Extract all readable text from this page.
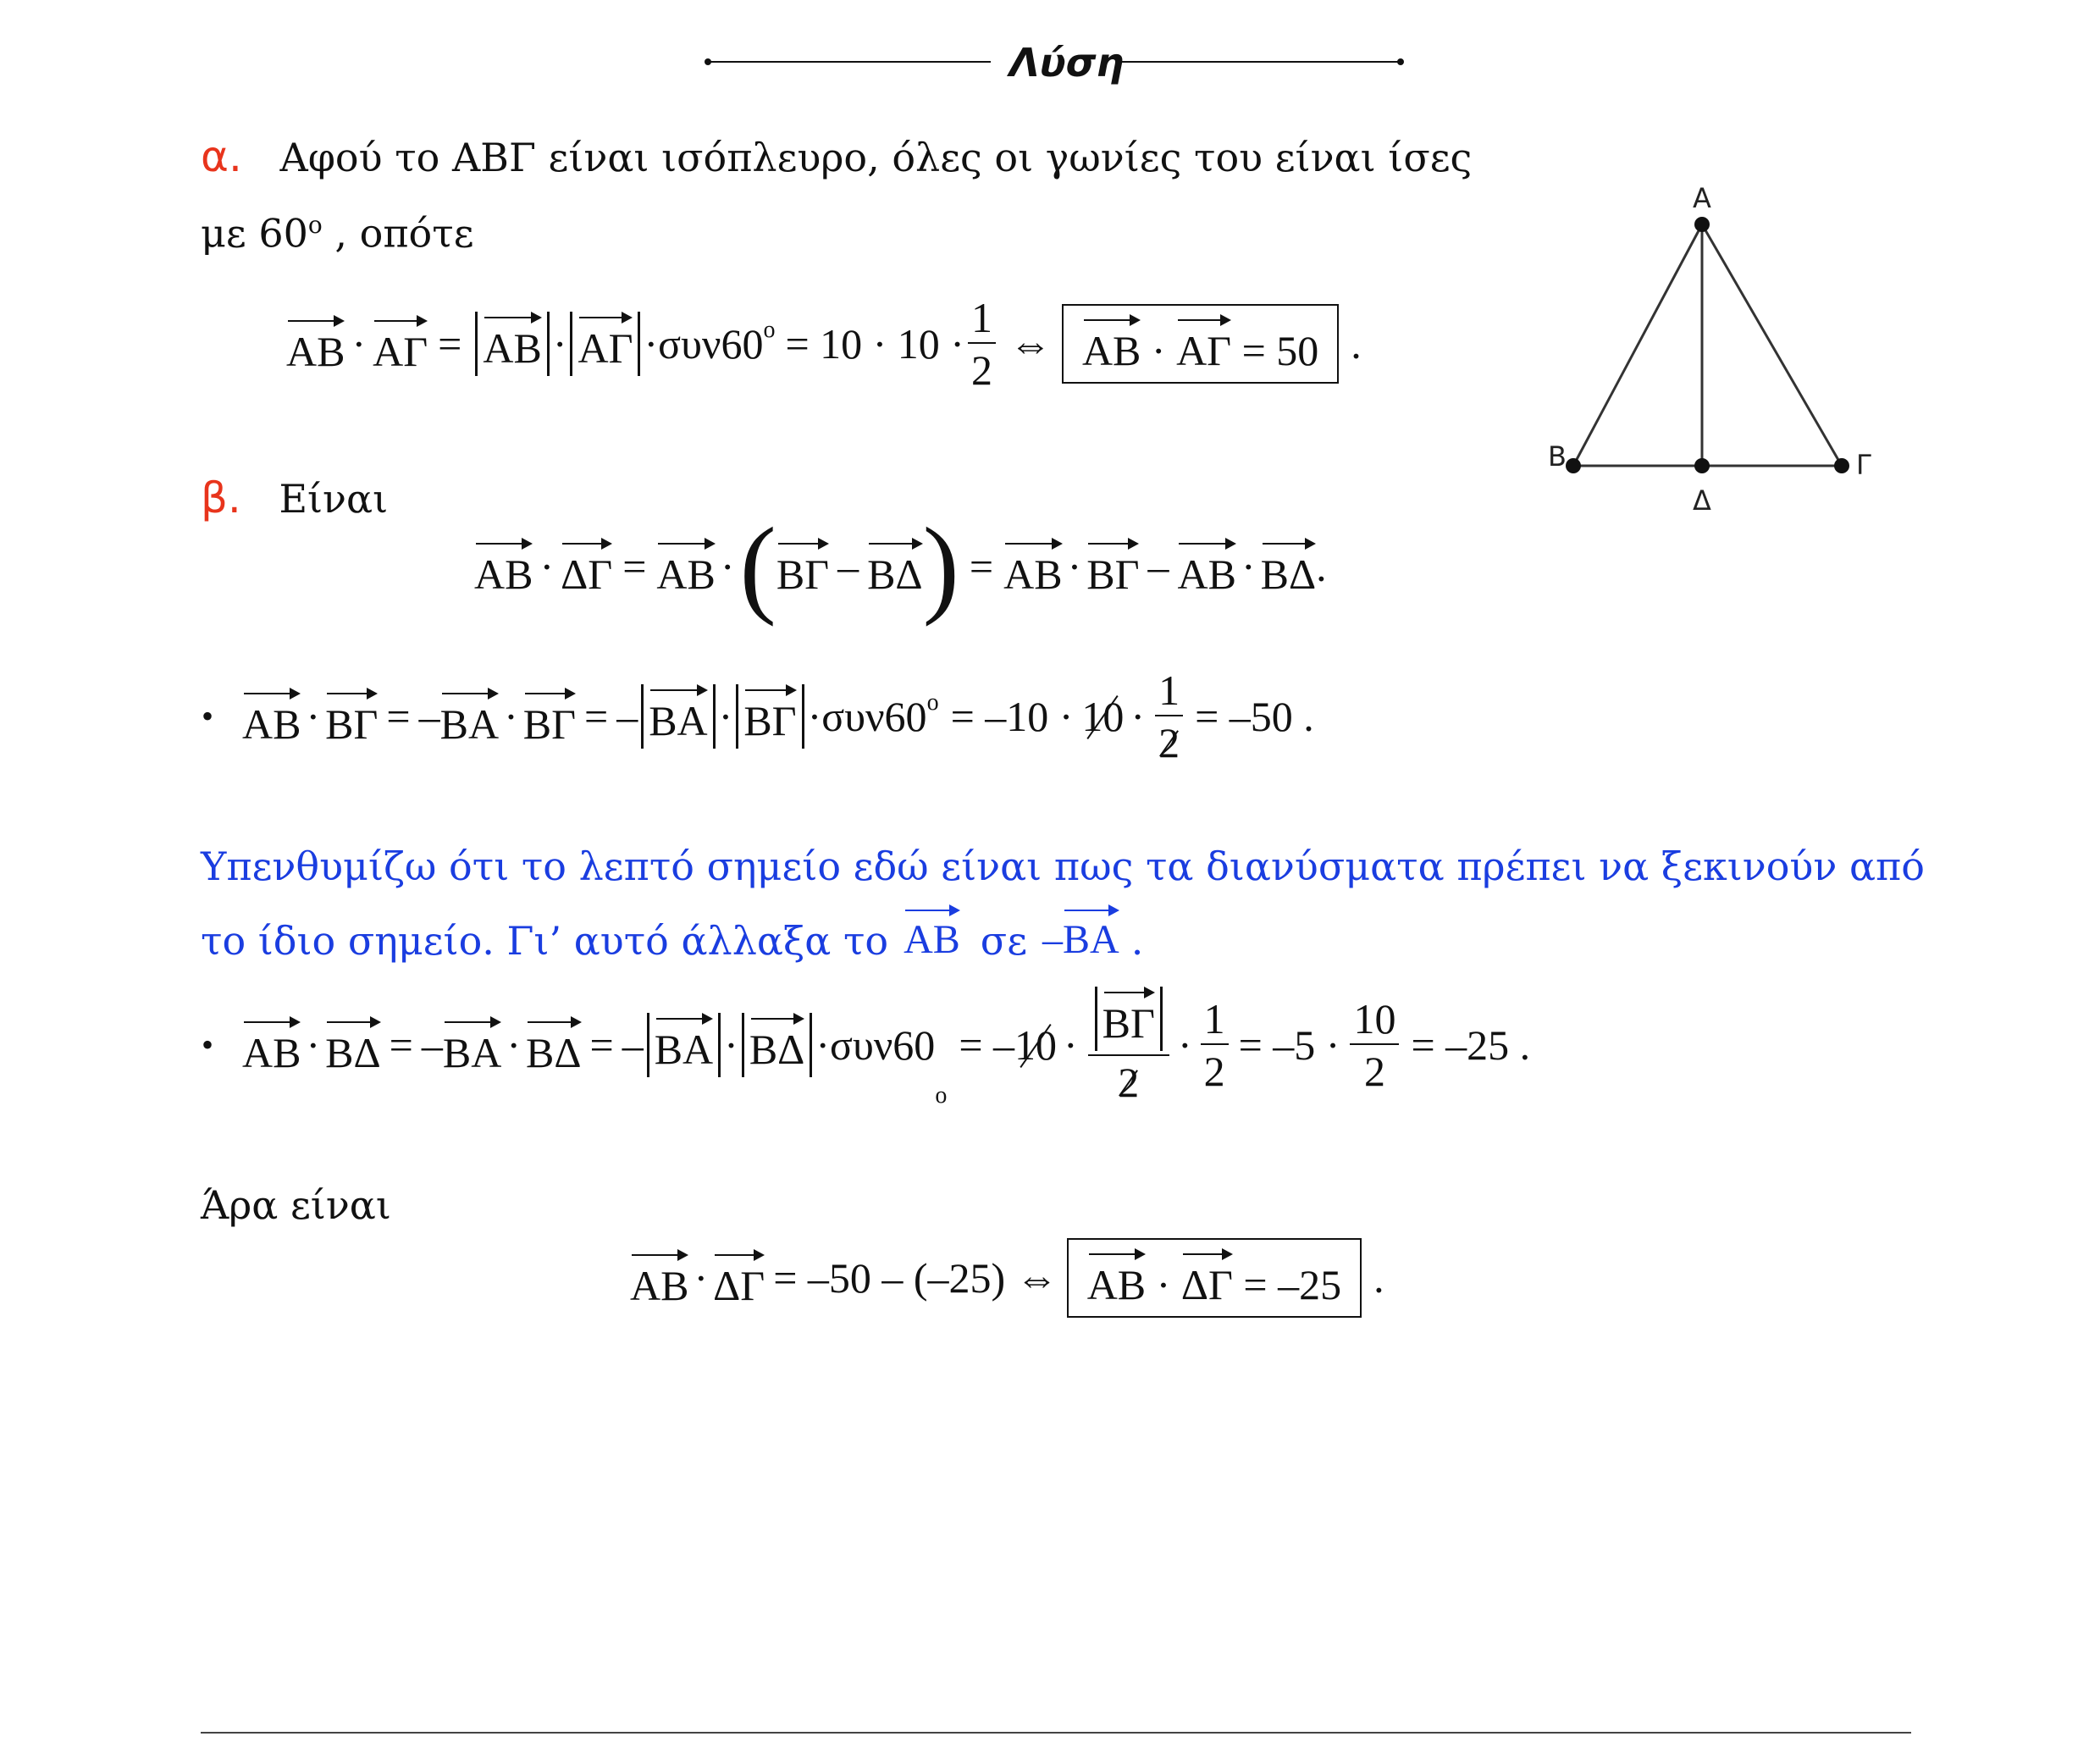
Λύση
α. Αφού το ΑΒΓ είναι ισόπλευρο, όλες οι γωνίες του είναι ίσες
με $60^o$ , οπότε
$AB \cdot A\Gamma = AB \cdot A\Gamma \cdot\sigma\upsilon\nu 60^o = 10 \cdot 10 \cdot \frac{1}{2}$ ⇔ ΑΒ · ΑΓ = 50 .
Α
Β	Γ
Δ
β. Είναι
ΑΒ · ΔΓ = ΑΒ · ( ΒΓ – ΒΔ ) = ΑΒ · ΒΓ – ΑΒ · ΒΔ .
• ΑΒ · ΒΓ = – ΒΑ · ΒΓ = – $BA \cdot B\Gamma \cdot\sigma\upsilon\nu 60^o = -10 \cdot 10 \cdot \frac{1}{2} = -50$ .
Υπενθυμίζω ότι το λεπτό σημείο εδώ είναι πως τα διανύσματα πρέπει να ξεκινούν από
το ίδιο σημείο. Γι’ αυτό άλλαξα το ΑΒ σε – ΒΑ .
• ΑΒ · ΒΔ = – ΒΑ · ΒΔ = – ΒΑ · ΒΔ ·συν60
ο
= – $10 \cdot \frac{B\Gamma}{2} \cdot \frac{1}{2} = -5 \cdot \frac{10}{2} = -25$ .
Άρα είναι
ΑΒ · ΔΓ = –50 – (–25) ⇔ ΑΒ · ΔΓ = –25 .
